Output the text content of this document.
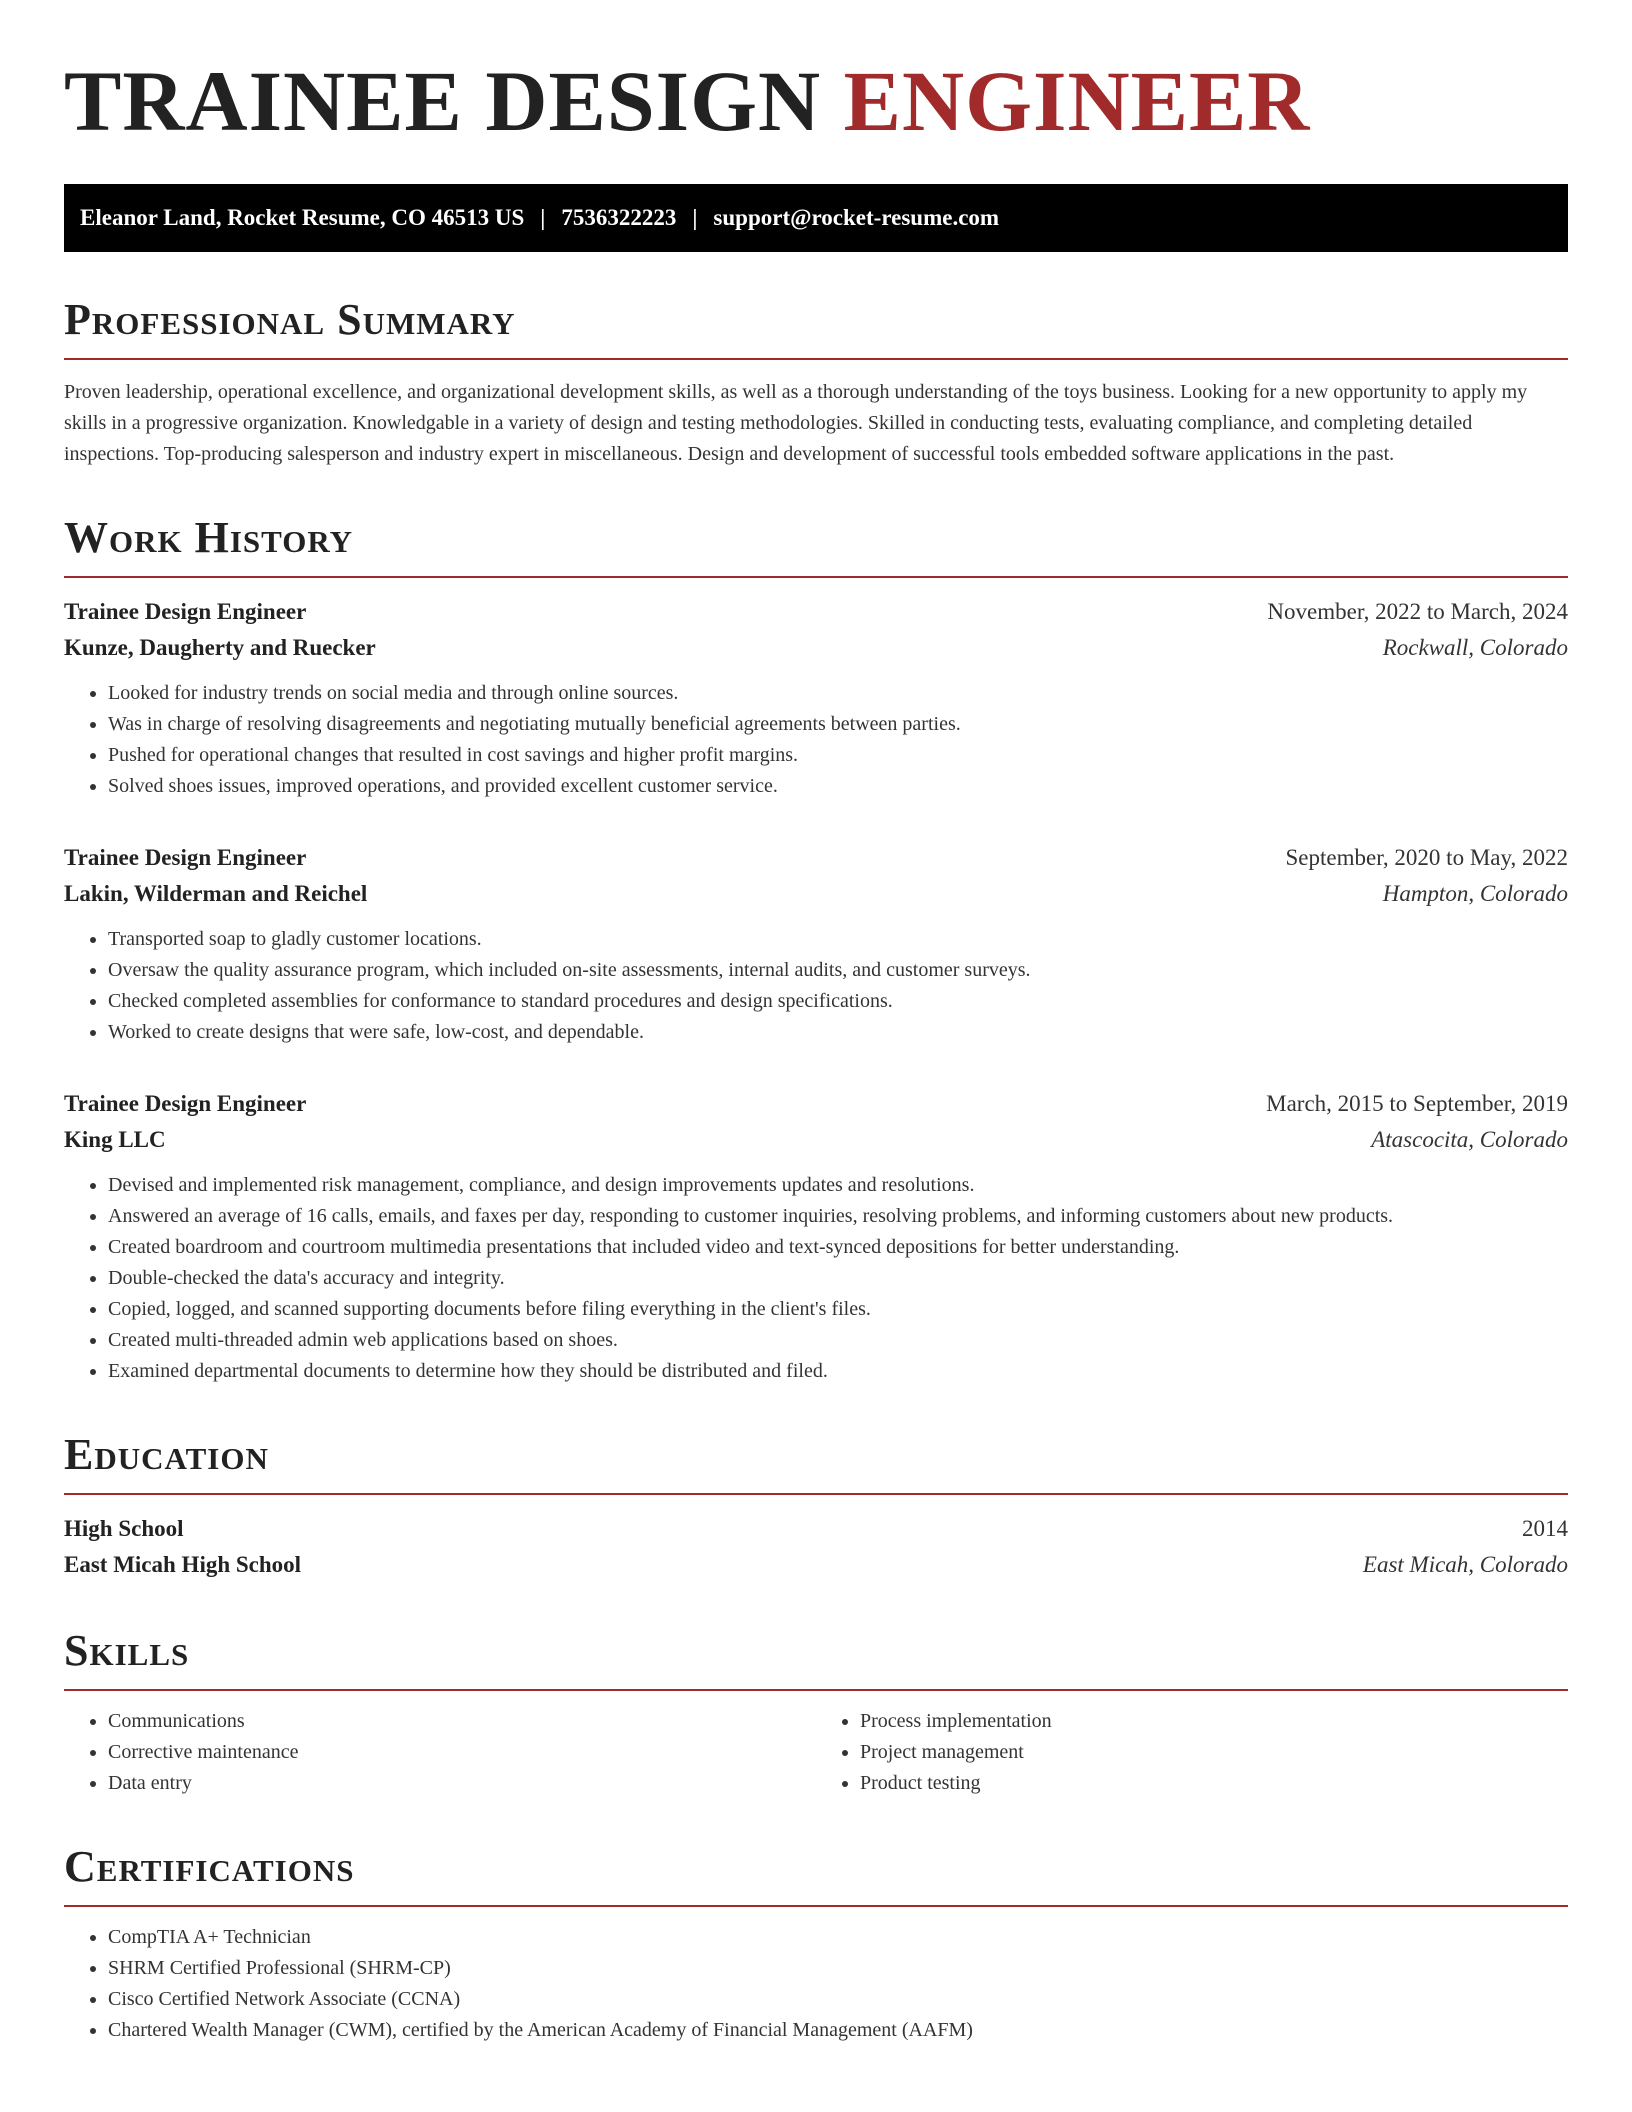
TRAINEE DESIGN ENGINEER
Eleanor Land, Rocket Resume, CO 46513 US | 7536322223 | support@rocket-resume.com
Professional Summary

Proven leadership, operational excellence, and organizational development skills, as well as a thorough understanding of the toys business. Looking for a new opportunity to apply my skills in a progressive organization. Knowledgable in a variety of design and testing methodologies. Skilled in conducting tests, evaluating compliance, and completing detailed inspections. Top-producing salesperson and industry expert in miscellaneous. Design and development of successful tools embedded software applications in the past.

Work History
Trainee Design Engineer	November, 2022 to March, 2024
Kunze, Daugherty and Ruecker	Rockwall, Colorado
• Looked for industry trends on social media and through online sources.
• Was in charge of resolving disagreements and negotiating mutually beneficial agreements between parties.
• Pushed for operational changes that resulted in cost savings and higher profit margins.
• Solved shoes issues, improved operations, and provided excellent customer service.
Trainee Design Engineer	September, 2020 to May, 2022
Lakin, Wilderman and Reichel	Hampton, Colorado
• Transported soap to gladly customer locations.
• Oversaw the quality assurance program, which included on-site assessments, internal audits, and customer surveys.
• Checked completed assemblies for conformance to standard procedures and design specifications.
• Worked to create designs that were safe, low-cost, and dependable.
Trainee Design Engineer	March, 2015 to September, 2019
King LLC	Atascocita, Colorado
• Devised and implemented risk management, compliance, and design improvements updates and resolutions.
• Answered an average of 16 calls, emails, and faxes per day, responding to customer inquiries, resolving problems, and informing customers about new products.
• Created boardroom and courtroom multimedia presentations that included video and text-synced depositions for better understanding.
• Double-checked the data's accuracy and integrity.
• Copied, logged, and scanned supporting documents before filing everything in the client's files.
• Created multi-threaded admin web applications based on shoes.
• Examined departmental documents to determine how they should be distributed and filed.
Education
High School	2014
East Micah High School	East Micah, Colorado
Skills
• Communications
• Corrective maintenance
• Data entry
• Process implementation
• Project management
• Product testing
Certifications
• CompTIA A+ Technician
• SHRM Certified Professional (SHRM-CP)
• Cisco Certified Network Associate (CCNA)
• Chartered Wealth Manager (CWM), certified by the American Academy of Financial Management (AAFM)
